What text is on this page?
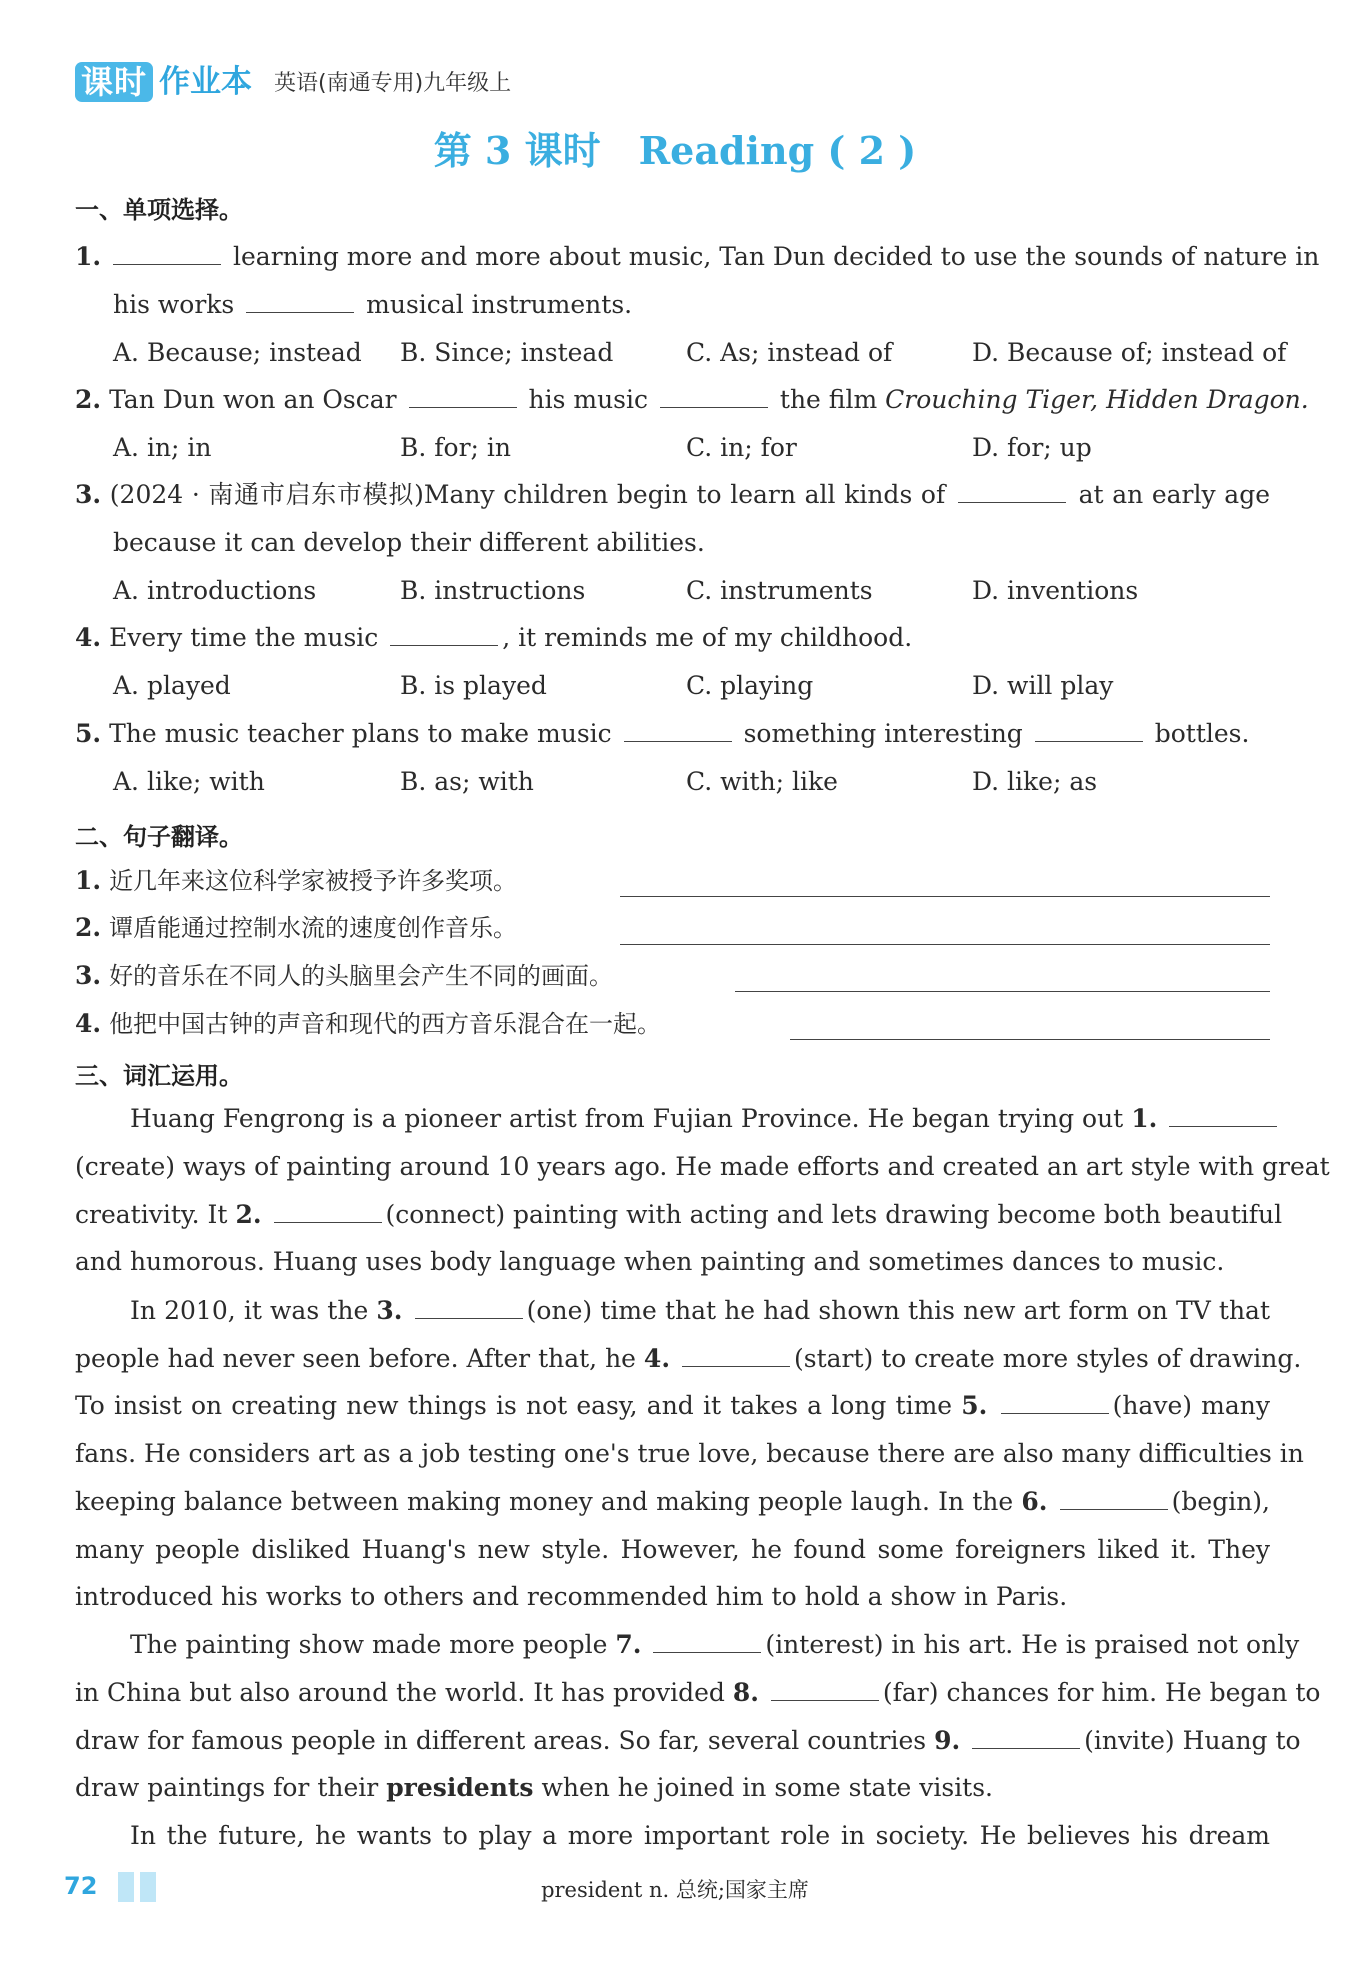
课时 作业本 英语(南通专用)九年级上
第 3 课时　Reading ( 2 )
一、单项选择。
1.	learning more and more about music, Tan Dun decided to use the sounds of nature in
his works	musical instruments.
A. Because; instead B. Since; instead	C. As; instead of	D. Because of; instead of
2. Tan Dun won an Oscar	his music	the film Crouching Tiger, Hidden Dragon.
A. in; in	B. for; in	C. in; for	D. for; up
3. (2024 · 南通市启东市模拟)Many children begin to learn all kinds of	at an early age
because it can develop their different abilities.
A. introductions	B. instructions	C. instruments	D. inventions
4. Every time the music	, it reminds me of my childhood.
A. played	B. is played	C. playing	D. will play
5. The music teacher plans to make music	something interesting	bottles.
A. like; with	B. as; with	C. with; like	D. like; as
二、句子翻译。
1. 近几年来这位科学家被授予许多奖项。
2. 谭盾能通过控制水流的速度创作音乐。
3. 好的音乐在不同人的头脑里会产生不同的画面。
4. 他把中国古钟的声音和现代的西方音乐混合在一起。
三、词汇运用。
Huang Fengrong is a pioneer artist from Fujian Province. He began trying out 1.
(create) ways of painting around 10 years ago. He made efforts and created an art style with great
creativity. It 2.	(connect) painting with acting and lets drawing become both beautiful
and humorous. Huang uses body language when painting and sometimes dances to music.
In 2010, it was the 3.	(one) time that he had shown this new art form on TV that
people had never seen before. After that, he 4.	(start) to create more styles of drawing.
To insist on creating new things is not easy, and it takes a long time 5.	(have) many
fans. He considers art as a job testing one's true love, because there are also many difficulties in
keeping balance between making money and making people laugh. In the 6.	(begin),
many people disliked Huang's new style. However, he found some foreigners liked it. They
introduced his works to others and recommended him to hold a show in Paris.
The painting show made more people 7.	(interest) in his art. He is praised not only
in China but also around the world. It has provided 8.	(far) chances for him. He began to
draw for famous people in different areas. So far, several countries 9.	(invite) Huang to
draw paintings for their presidents when he joined in some state visits.
In the future, he wants to play a more important role in society. He believes his dream
72	president n. 总统;国家主席
